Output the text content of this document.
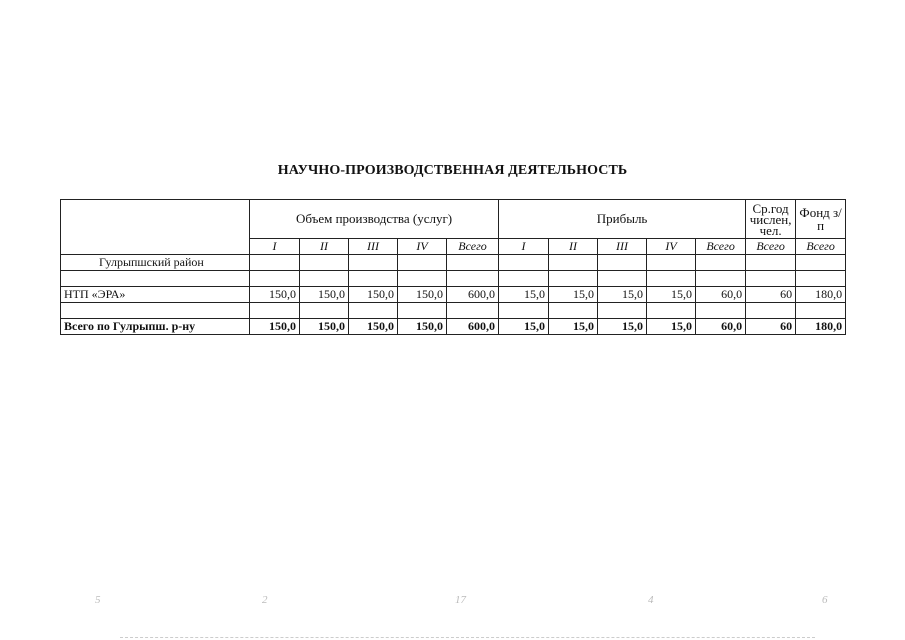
НАУЧНО-ПРОИЗВОДСТВЕННАЯ ДЕЯТЕЛЬНОСТЬ
	Объем производства (услуг)					Прибыль					Ср.год числен, чел.	Фонд з/п
	I	II	III	IV	Всего	I	II	III	IV	Всего	Всего	Всего
Гулрыпшский район												

НТП «ЭРА»	150,0	150,0	150,0	150,0	600,0	15,0	15,0	15,0	15,0	60,0	60	180,0

Всего по Гулрыпш. р-ну	150,0	150,0	150,0	150,0	600,0	15,0	15,0	15,0	15,0	60,0	60	180,0
5	2	17	4	6
